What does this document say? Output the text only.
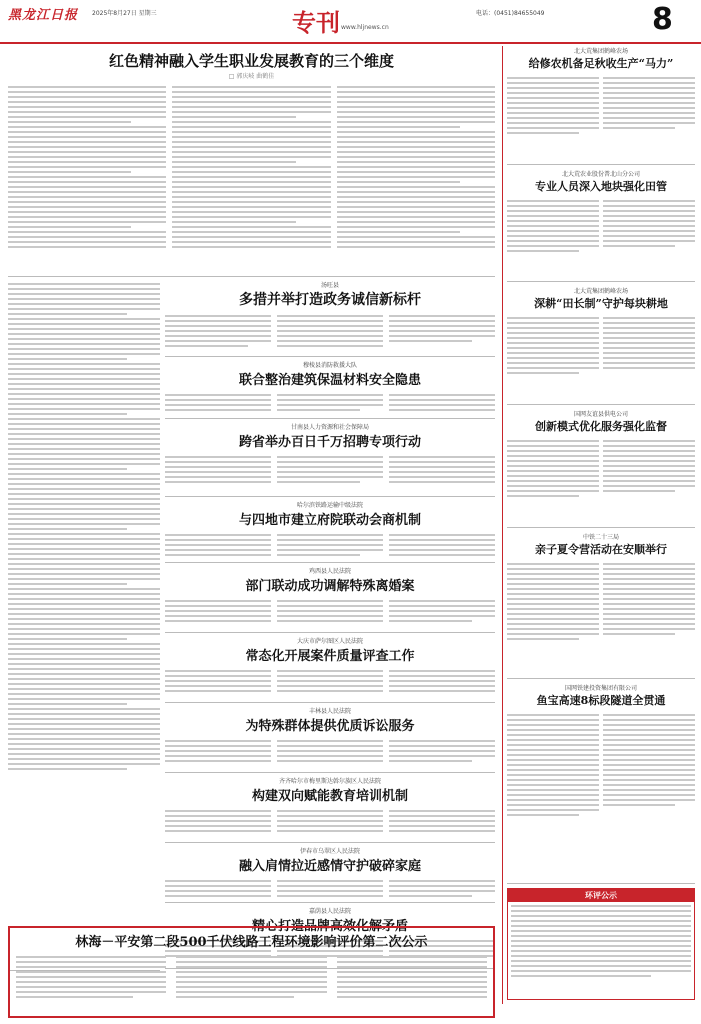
黑龙江日报 2025年8月27日 星期三	专刊 www.hljnews.cn
电话：(0451)84655049	8
红色精神融入学生职业发展教育的三个维度
□ 郭庆岐 曲鹤佳
汤旺县
多措并举打造政务诚信新标杆
穆棱县消防救援大队
联合整治建筑保温材料安全隐患
甘南县人力资源和社会保障局
跨省举办百日千万招聘专项行动
哈尔滨铁路运输中级法院
与四地市建立府院联动会商机制
鸡西县人民法院
部门联动成功调解特殊离婚案
大庆市萨尔图区人民法院
常态化开展案件质量评查工作
丰林县人民法院
为特殊群体提供优质诉讼服务
齐齐哈尔市梅里斯达斡尔族区人民法院
构建双向赋能教育培训机制
伊春市乌翠区人民法院
融入肩情拉近感情守护破碎家庭
嘉荫县人民法院
精心打造品牌高效化解矛盾
林海－平安第二段500千伏线路工程环境影响评价第二次公示
北大荒集团鹤峰农场
给修农机备足秋收生产“马力”
北大荒农业股份普北山分公司
专业人员深入地块强化田管
北大荒集团鹤峰农场
深耕“田长制”守护每块耕地
国网友谊县供电公司
创新模式优化服务强化监督
中铁二十三局
亲子夏令营活动在安顺举行
国网铁建投资集团有限公司
鱼宝高速8标段隧道全贯通
环评公示
